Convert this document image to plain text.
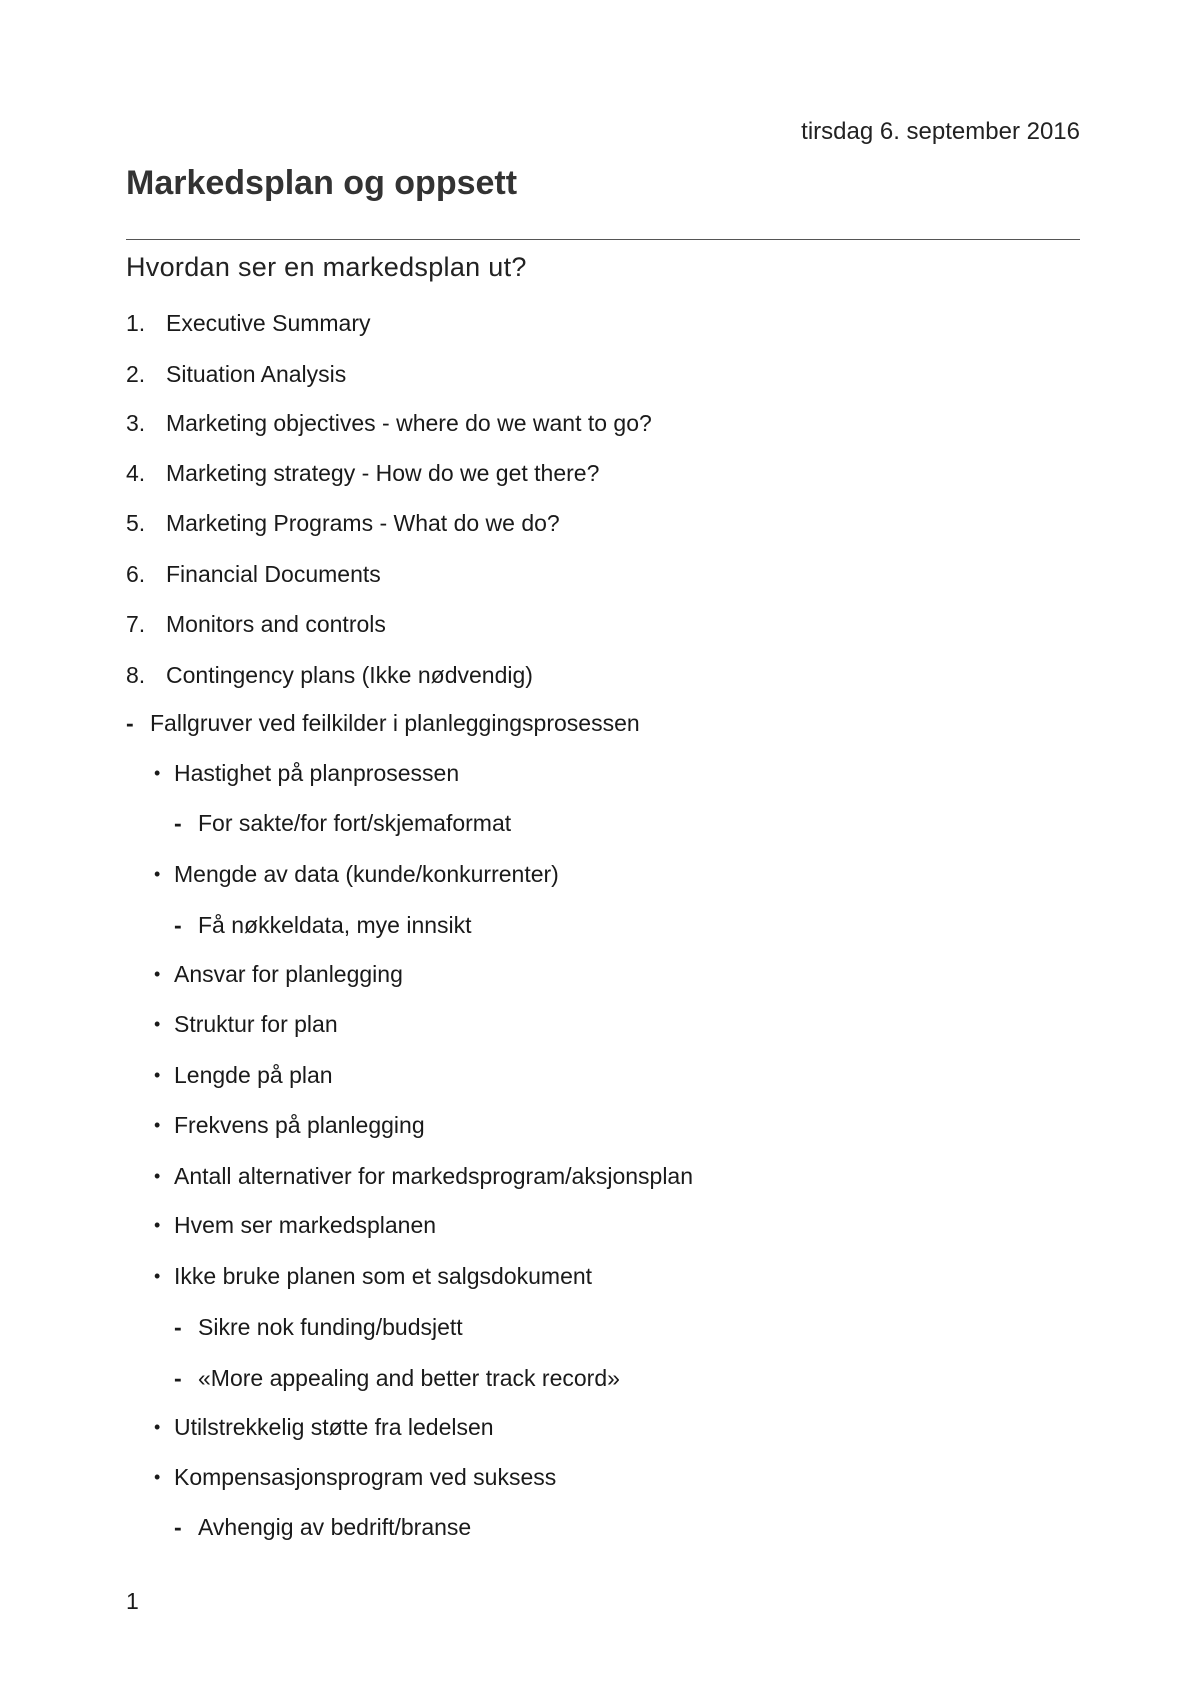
tirsdag 6. september 2016
Markedsplan og oppsett
Hvordan ser en markedsplan ut?
1. Executive Summary
2. Situation Analysis
3. Marketing objectives - where do we want to go?
4. Marketing strategy - How do we get there?
5. Marketing Programs - What do we do?
6. Financial Documents
7. Monitors and controls
8. Contingency plans (Ikke nødvendig)
- Fallgruver ved feilkilder i planleggingsprosessen
• Hastighet på planprosessen
- For sakte/for fort/skjemaformat
• Mengde av data (kunde/konkurrenter)
- Få nøkkeldata, mye innsikt
• Ansvar for planlegging
• Struktur for plan
• Lengde på plan
• Frekvens på planlegging
• Antall alternativer for markedsprogram/aksjonsplan
• Hvem ser markedsplanen
• Ikke bruke planen som et salgsdokument
- Sikre nok funding/budsjett
- «More appealing and better track record»
• Utilstrekkelig støtte fra ledelsen
• Kompensasjonsprogram ved suksess
- Avhengig av bedrift/branse
1
